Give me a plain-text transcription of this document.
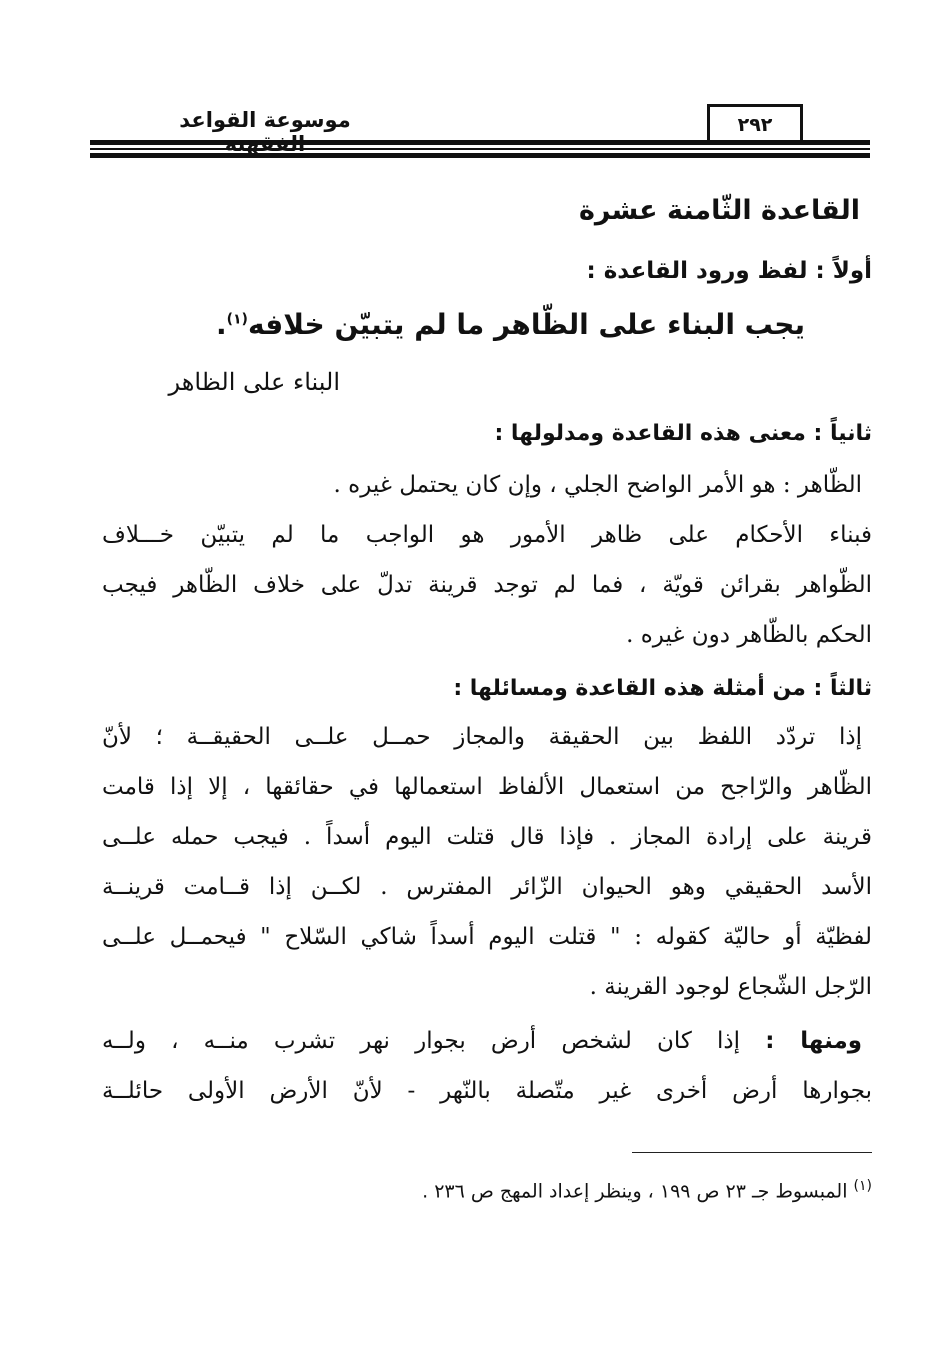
موسوعة القواعد	٢٩٢
القاعدة الثّامنة عشرة
أولاً : لفظ ورود القاعدة :
يجب البناء على الظّاهر ما لم يتبيّن خلافه$^{(١)}$.
البناء على الظاهر
ثانياً : معنى هذه القاعدة ومدلولها :
الظّاهر : هو الأمر الواضح الجلي ، وإن كان يحتمل غيره .
فبناء الأحكام على ظاهر الأمور هو الواجب ما لم يتبيّن خـــلاف
الظّواهر بقرائن قويّة ، فما لم توجد قرينة تدلّ على خلاف الظّاهر فيجب
الحكم بالظّاهر دون غيره .
ثالثاً : من أمثلة هذه القاعدة ومسائلها :
إذا تردّد اللفظ بين الحقيقة والمجاز حمــل علــى الحقيقــة ؛ لأنّ
الظّاهر والرّاجح من استعمال الألفاظ استعمالها في حقائقها ، إلا إذا قامت
قرينة على إرادة المجاز . فإذا قال قتلت اليوم أسداً . فيجب حمله علــى
الأسد الحقيقي وهو الحيوان الزّائر المفترس . لكــن إذا قــامت قرينــة
لفظيّة أو حاليّة كقوله : " قتلت اليوم أسداً شاكي السّلاح " فيحمــل علــى
الرّجل الشّجاع لوجود القرينة .
ومنها : إذا كان لشخص أرض بجوار نهر تشرب منــه ، ولــه
بجوارها أرض أخرى غير متّصلة بالنّهر - لأنّ الأرض الأولى حائلــة
$^{(١)}$ المبسوط جـ ٢٣ ص ١٩٩ ، وينظر إعداد المهج ص ٢٣٦ .
